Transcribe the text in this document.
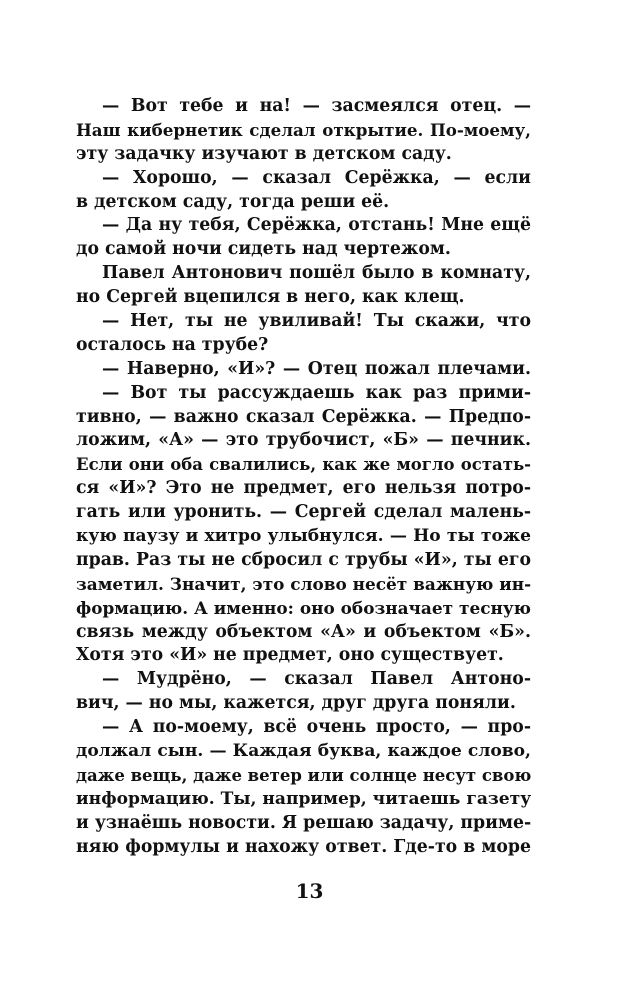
— Вот тебе и на! — засмеялся отец. —
Наш кибернетик сделал открытие. По-моему,
эту задачку изучают в детском саду.
— Хорошо, — сказал Серёжка, — если
в детском саду, тогда реши её.
— Да ну тебя, Серёжка, отстань! Мне ещё
до самой ночи сидеть над чертежом.
Павел Антонович пошёл было в комнату,
но Сергей вцепился в него, как клещ.
— Нет, ты не увиливай! Ты скажи, что
осталось на трубе?
— Наверно, «И»? — Отец пожал плечами.
— Вот ты рассуждаешь как раз прими-
тивно, — важно сказал Серёжка. — Предпо-
ложим, «А» — это трубочист, «Б» — печник.
Если они оба свалились, как же могло остать-
ся «И»? Это не предмет, его нельзя потро-
гать или уронить. — Сергей сделал малень-
кую паузу и хитро улыбнулся. — Но ты тоже
прав. Раз ты не сбросил с трубы «И», ты его
заметил. Значит, это слово несёт важную ин-
формацию. А именно: оно обозначает тесную
связь между объектом «А» и объектом «Б».
Хотя это «И» не предмет, оно существует.
— Мудрёно, — сказал Павел Антоно-
вич, — но мы, кажется, друг друга поняли.
— А по-моему, всё очень просто, — про-
должал сын. — Каждая буква, каждое слово,
даже вещь, даже ветер или солнце несут свою
информацию. Ты, например, читаешь газету
и узнаёшь новости. Я решаю задачу, приме-
няю формулы и нахожу ответ. Где-то в море
13
